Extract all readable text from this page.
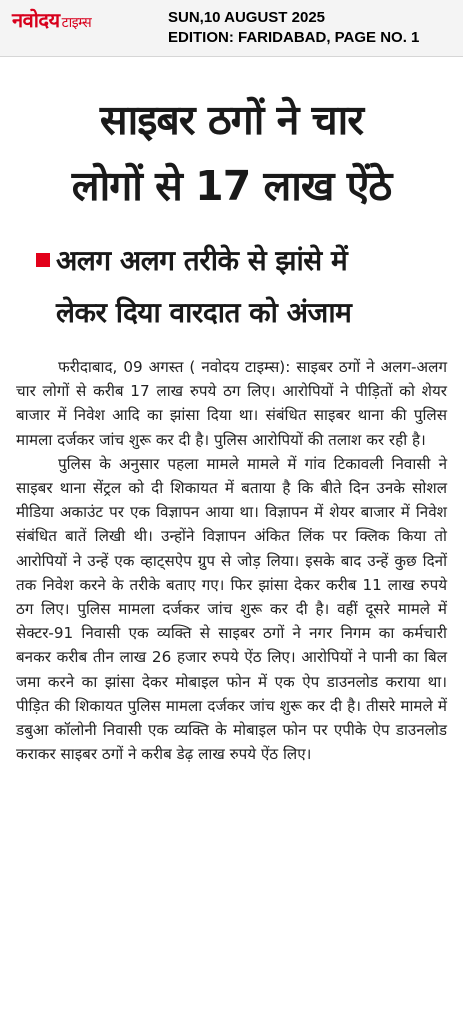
नवोदय टाइम्स	SUN,10 AUGUST 2025
EDITION: FARIDABAD, PAGE NO. 1
साइबर ठगों ने चार
लोगों से 17 लाख ऐंठे
अलग अलग तरीके से झांसे में
लेकर दिया वारदात को अंजाम

फरीदाबाद, 09 अगस्त ( नवोदय टाइम्स): साइबर ठगों ने अलग-अलग चार लोगों से करीब 17 लाख रुपये ठग लिए। आरोपियों ने पीड़ितों को शेयर बाजार में निवेश आदि का झांसा दिया था। संबंधित साइबर थाना की पुलिस मामला दर्जकर जांच शुरू कर दी है। पुलिस आरोपियों की तलाश कर रही है।

पुलिस के अनुसार पहला मामले मामले में गांव टिकावली निवासी ने साइबर थाना सेंट्रल को दी शिकायत में बताया है कि बीते दिन उनके सोशल मीडिया अकाउंट पर एक विज्ञापन आया था। विज्ञापन में शेयर बाजार में निवेश संबंधित बातें लिखी थी। उन्होंने विज्ञापन अंकित लिंक पर क्लिक किया तो आरोपियों ने उन्हें एक व्हाट्सऐप ग्रुप से जोड़ लिया। इसके बाद उन्हें कुछ दिनों तक निवेश करने के तरीके बताए गए। फिर झांसा देकर करीब 11 लाख रुपये ठग लिए। पुलिस मामला दर्जकर जांच शुरू कर दी है। वहीं दूसरे मामले में सेक्टर-91 निवासी एक व्यक्ति से साइबर ठगों ने नगर निगम का कर्मचारी बनकर करीब तीन लाख 26 हजार रुपये ऐंठ लिए। आरोपियों ने पानी का बिल जमा करने का झांसा देकर मोबाइल फोन में एक ऐप डाउनलोड कराया था। पीड़ित की शिकायत पुलिस मामला दर्जकर जांच शुरू कर दी है। तीसरे मामले में डबुआ कॉलोनी निवासी एक व्यक्ति के मोबाइल फोन पर एपीके ऐप डाउनलोड कराकर साइबर ठगों ने करीब डेढ़ लाख रुपये ऐंठ लिए।
